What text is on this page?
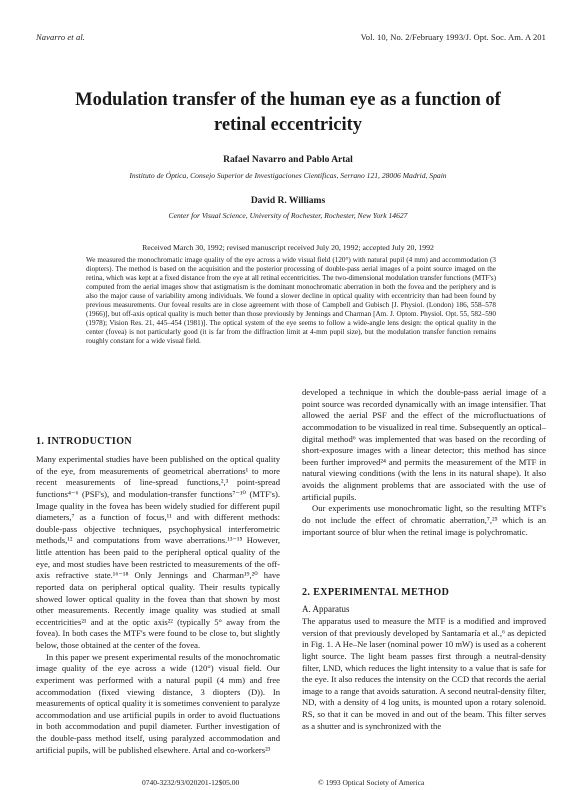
Navarro et al.	Vol. 10, No. 2/February 1993/J. Opt. Soc. Am. A 201
Modulation transfer of the human eye as a function of
retinal eccentricity
Rafael Navarro and Pablo Artal
Instituto de Óptica, Consejo Superior de Investigaciones Científicas, Serrano 121, 28006 Madrid, Spain
David R. Williams
Center for Visual Science, University of Rochester, Rochester, New York 14627
Received March 30, 1992; revised manuscript received July 20, 1992; accepted July 20, 1992
We measured the monochromatic image quality of the eye across a wide visual field (120°) with natural pupil (4 mm) and accommodation (3 diopters). The method is based on the acquisition and the posterior processing of double-pass aerial images of a point source imaged on the retina, which was kept at a fixed distance from the eye at all retinal eccentricities. The two-dimensional modulation transfer functions (MTF's) computed from the aerial images show that astigmatism is the dominant monochromatic aberration in both the fovea and the periphery and is also the major cause of variability among individuals. We found a slower decline in optical quality with eccentricity than had been found by previous measurements. Our foveal results are in close agreement with those of Campbell and Gubisch [J. Physiol. (London) 186, 558–578 (1966)], but off-axis optical quality is much better than those previously by Jennings and Charman [Am. J. Optom. Physiol. Opt. 55, 582–590 (1978); Vision Res. 21, 445–454 (1981)]. The optical system of the eye seems to follow a wide-angle lens design: the optical quality in the center (fovea) is not particularly good (it is far from the diffraction limit at 4-mm pupil size), but the modulation transfer function remains roughly constant for a wide visual field.
1. INTRODUCTION

Many experimental studies have been published on the optical quality of the eye, from measurements of geometrical aberrations¹ to more recent measurements of line-spread functions,²,³ point-spread functions⁴⁻⁶ (PSF's), and modulation-transfer functions⁷⁻¹⁰ (MTF's). Image quality in the fovea has been widely studied for different pupil diameters,⁷ as a function of focus,¹¹ and with different methods: double-pass objective techniques, psychophysical interferometric methods,¹² and computations from wave aberrations.¹³⁻¹⁵ However, little attention has been paid to the peripheral optical quality of the eye, and most studies have been restricted to measurements of the off-axis refractive state.¹⁶⁻¹⁸ Only Jennings and Charman¹⁹,²⁰ have reported data on peripheral optical quality. Their results typically showed lower optical quality in the fovea than that shown by most other measurements. Recently image quality was studied at small eccentricities²¹ and at the optic axis²² (typically 5° away from the fovea). In both cases the MTF's were found to be close to, but slightly below, those obtained at the center of the fovea.

In this paper we present experimental results of the monochromatic image quality of the eye across a wide (120°) visual field. Our experiment was performed with a natural pupil (4 mm) and free accommodation (fixed viewing distance, 3 diopters (D)). In measurements of optical quality it is sometimes convenient to paralyze accommodation and use artificial pupils in order to avoid fluctuations in both accommodation and pupil diameter. Further investigation of the double-pass method itself, using paralyzed accommodation and artificial pupils, will be published elsewhere. Artal and co-workers²³

developed a technique in which the double-pass aerial image of a point source was recorded dynamically with an image intensifier. That allowed the aerial PSF and the effect of the microfluctuations of accommodation to be visualized in real time. Subsequently an optical–digital method⁶ was implemented that was based on the recording of short-exposure images with a linear detector; this method has since been further improved²⁴ and permits the measurement of the MTF in natural viewing conditions (with the lens in its natural shape). It also avoids the alignment problems that are associated with the use of artificial pupils.

Our experiments use monochromatic light, so the resulting MTF's do not include the effect of chromatic aberration,⁷,²⁵ which is an important source of blur when the retinal image is polychromatic.

2. EXPERIMENTAL METHOD
A. Apparatus

The apparatus used to measure the MTF is a modified and improved version of that previously developed by Santamaría et al.,⁶ as depicted in Fig. 1. A He–Ne laser (nominal power 10 mW) is used as a coherent light source. The light beam passes first through a neutral-density filter, LND, which reduces the light intensity to a value that is safe for the eye. It also reduces the intensity on the CCD that records the aerial image to a range that avoids saturation. A second neutral-density filter, ND, with a density of 4 log units, is mounted upon a rotary solenoid. RS, so that it can be moved in and out of the beam. This filter serves as a shutter and is synchronized with the

0740-3232/93/020201-12$05.00	© 1993 Optical Society of America
